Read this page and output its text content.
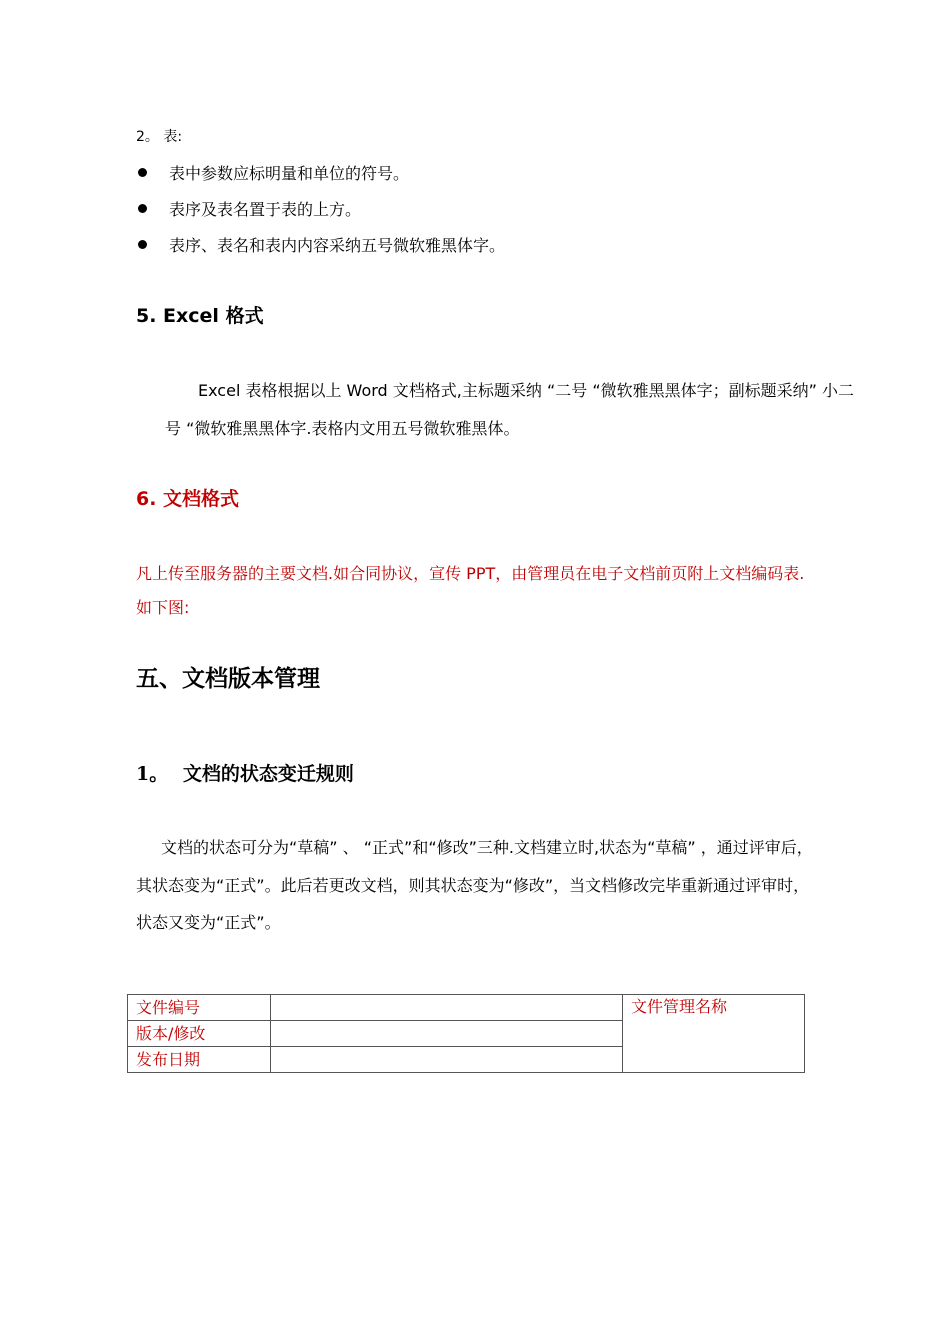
2。 表:
表中参数应标明量和单位的符号。
表序及表名置于表的上方。
表序、表名和表内内容采纳五号微软雅黑体字。
5. Excel 格式
Excel 表格根据以上 Word 文档格式,主标题采纳 “二号 “微软雅黑黑体字；副标题采纳” 小二
号 “微软雅黑黑体字.表格内文用五号微软雅黑体。
6. 文档格式
凡上传至服务器的主要文档.如合同协议，宣传 PPT，由管理员在电子文档前页附上文档编码表.
如下图:
五、文档版本管理
1。 文档的状态变迁规则
文档的状态可分为“草稿” 、 “正式”和“修改”三种.文档建立时,状态为“草稿” ，通过评审后，
其状态变为“正式”。此后若更改文档，则其状态变为“修改”，当文档修改完毕重新通过评审时，
状态又变为“正式”。
文件编号		文件管理名称
版本/修改		
发布日期		
